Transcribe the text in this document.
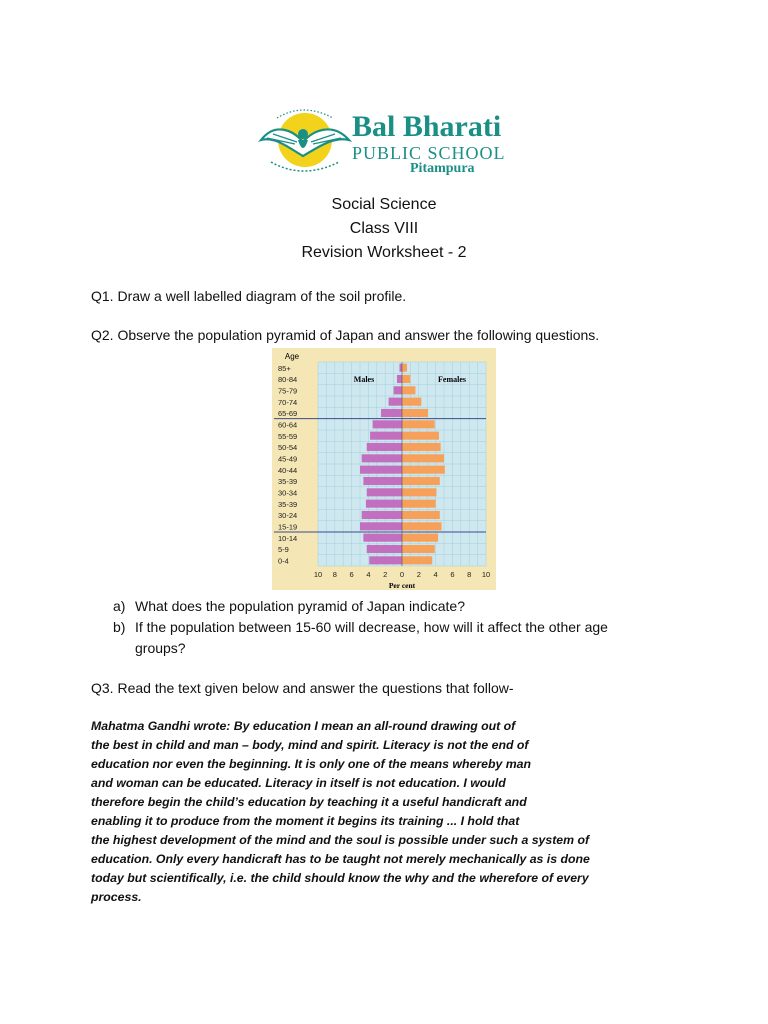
Bal Bharati
PUBLIC SCHOOL
Pitampura
Social Science
Class VIII
Revision Worksheet - 2
Q1. Draw a well labelled diagram of the soil profile.
Q2. Observe the population pyramid of Japan and answer the following questions.
85+
80-84
75-79
70-74
65-69
60-64
55-59
50-54
45-49
40-44
35-39
30-34
35-39
30-24
15-19
10-14
5-9
0-4
10 8 6 4 2 0 2 4 6 8 10
Age
Per cent
Males	Females
a) What does the population pyramid of Japan indicate?
b) If the population between 15-60 will decrease, how will it affect the other age
groups?
Q3. Read the text given below and answer the questions that follow-
Mahatma Gandhi wrote: By education I mean an all-round drawing out of
the best in child and man – body, mind and spirit. Literacy is not the end of
education nor even the beginning. It is only one of the means whereby man
and woman can be educated. Literacy in itself is not education. I would
therefore begin the child’s education by teaching it a useful handicraft and
enabling it to produce from the moment it begins its training ... I hold that
the highest development of the mind and the soul is possible under such a system of
education. Only every handicraft has to be taught not merely mechanically as is done
today but scientifically, i.e. the child should know the why and the wherefore of every
process.
